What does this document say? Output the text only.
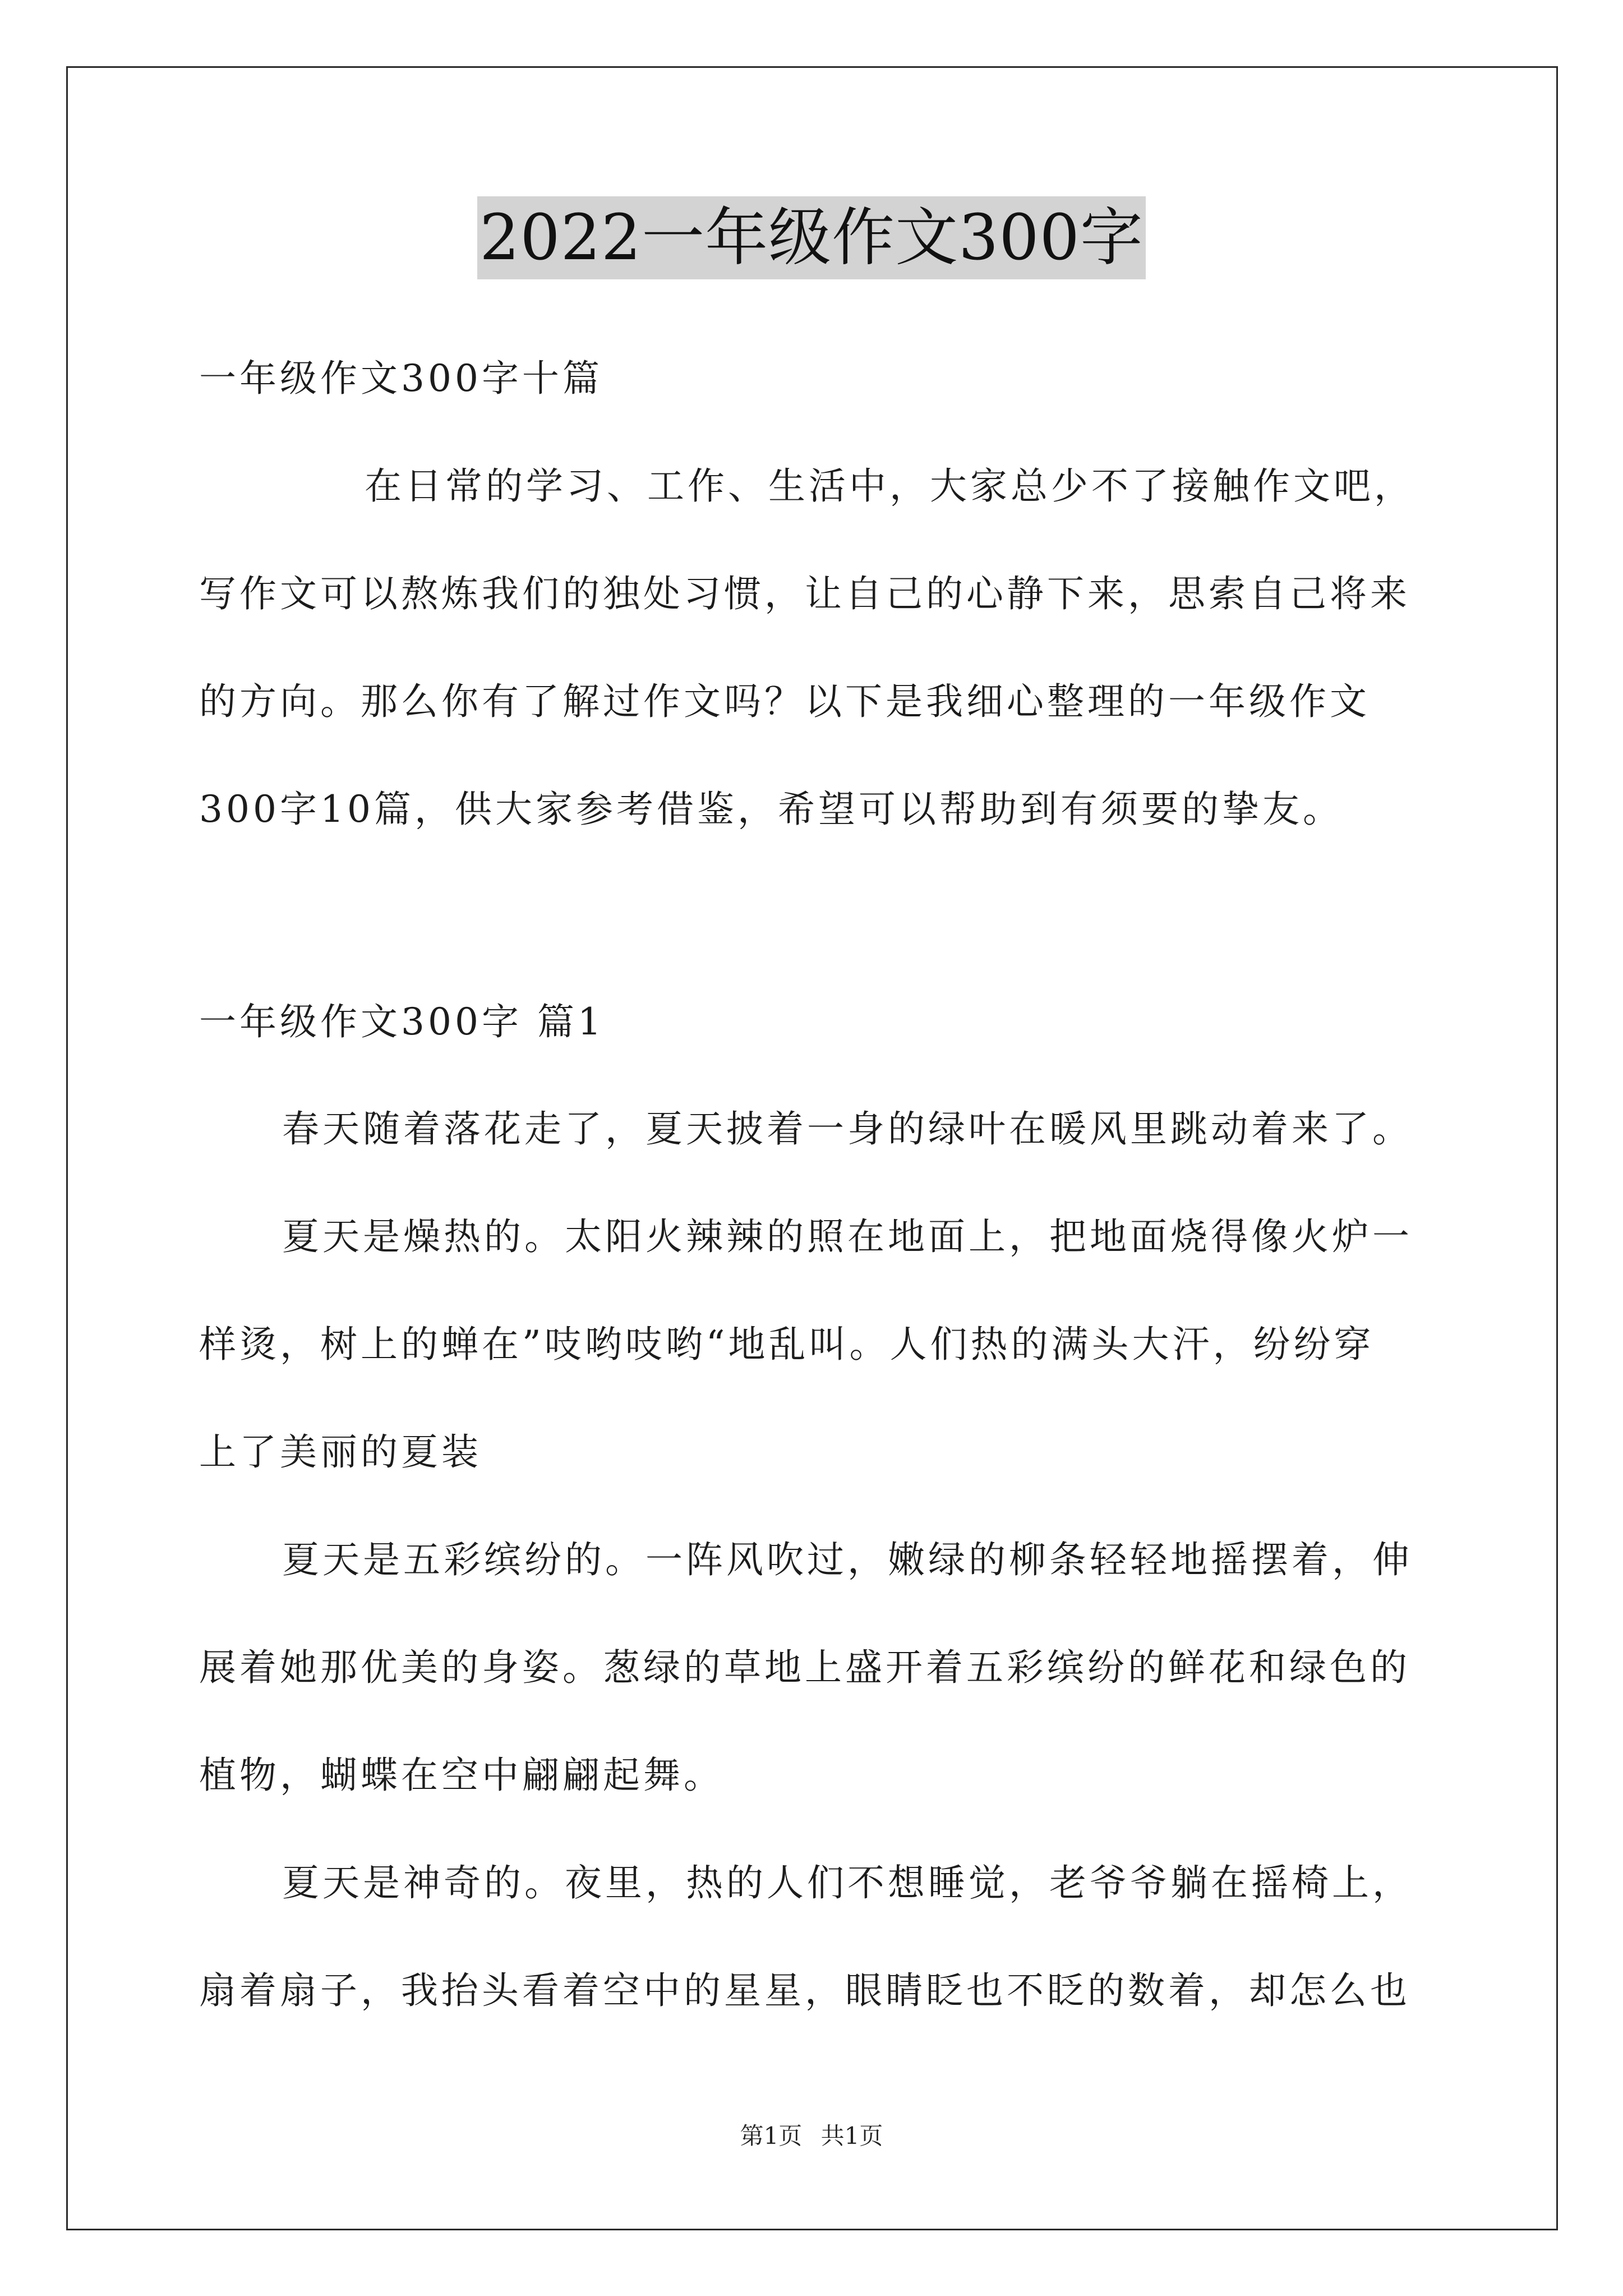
2022一年级作文300字
一年级作文300字十篇
在日常的学习、工作、生活中，大家总少不了接触作文吧，
写作文可以熬炼我们的独处习惯，让自己的心静下来，思索自己将来
的方向。那么你有了解过作文吗？以下是我细心整理的一年级作文
300字10篇，供大家参考借鉴，希望可以帮助到有须要的挚友。
一年级作文300字 篇1
春天随着落花走了，夏天披着一身的绿叶在暖风里跳动着来了。
夏天是燥热的。太阳火辣辣的照在地面上，把地面烧得像火炉一
样烫，树上的蝉在”吱哟吱哟“地乱叫。人们热的满头大汗，纷纷穿
上了美丽的夏装
夏天是五彩缤纷的。一阵风吹过，嫩绿的柳条轻轻地摇摆着，伸
展着她那优美的身姿。葱绿的草地上盛开着五彩缤纷的鲜花和绿色的
植物，蝴蝶在空中翩翩起舞。
夏天是神奇的。夜里，热的人们不想睡觉，老爷爷躺在摇椅上，
扇着扇子，我抬头看着空中的星星，眼睛眨也不眨的数着，却怎么也
第1页 共1页
